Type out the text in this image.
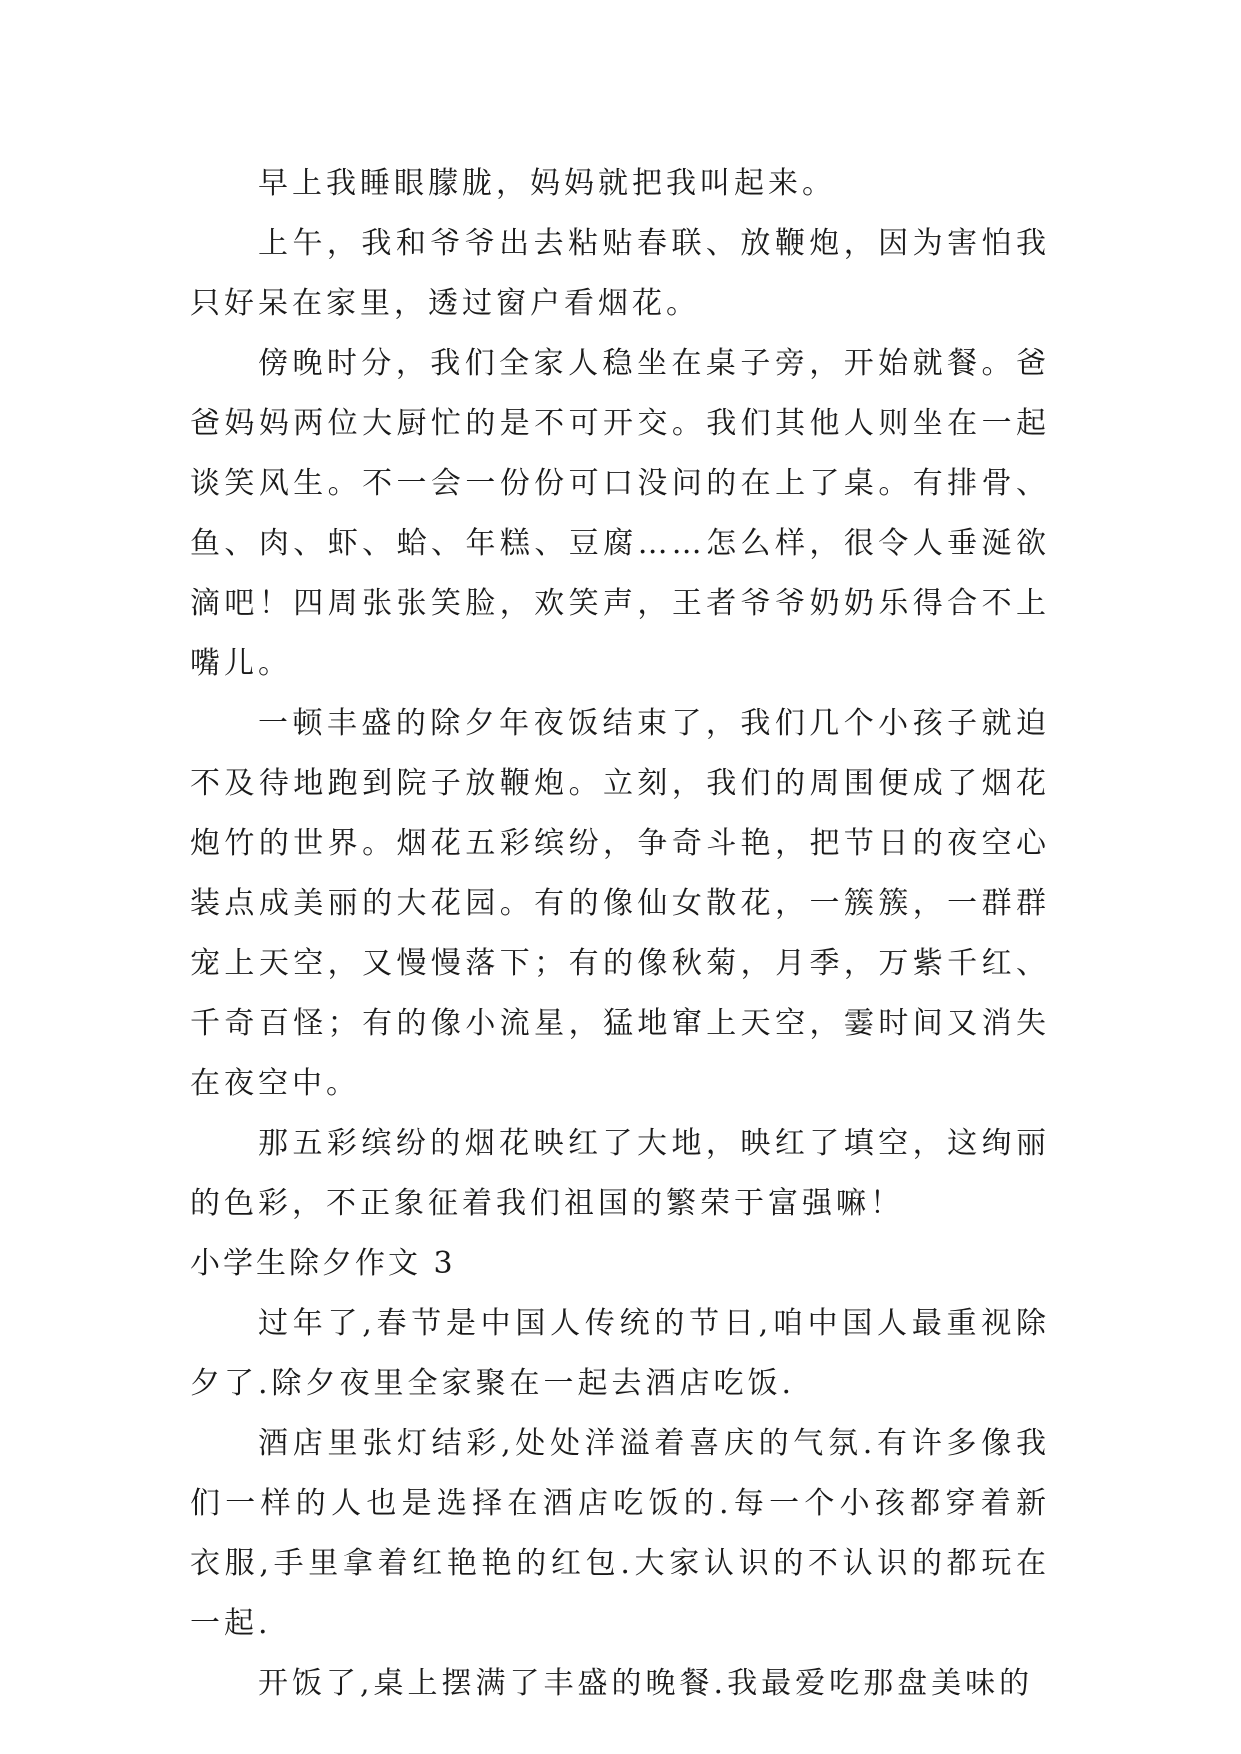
早上我睡眼朦胧，妈妈就把我叫起来。

上午，我和爷爷出去粘贴春联、放鞭炮，因为害怕我只好呆在家里，透过窗户看烟花。

傍晚时分，我们全家人稳坐在桌子旁，开始就餐。爸爸妈妈两位大厨忙的是不可开交。我们其他人则坐在一起谈笑风生。不一会一份份可口没问的在上了桌。有排骨、鱼、肉、虾、蛤、年糕、豆腐……怎么样，很令人垂涎欲滴吧！四周张张笑脸，欢笑声，王者爷爷奶奶乐得合不上嘴儿。

一顿丰盛的除夕年夜饭结束了，我们几个小孩子就迫不及待地跑到院子放鞭炮。立刻，我们的周围便成了烟花炮竹的世界。烟花五彩缤纷，争奇斗艳，把节日的夜空心装点成美丽的大花园。有的像仙女散花，一簇簇，一群群宠上天空，又慢慢落下；有的像秋菊，月季，万紫千红、千奇百怪；有的像小流星，猛地窜上天空，霎时间又消失在夜空中。

那五彩缤纷的烟花映红了大地，映红了填空，这绚丽的色彩，不正象征着我们祖国的繁荣于富强嘛！

小学生除夕作文 3

过年了,春节是中国人传统的节日,咱中国人最重视除夕了.除夕夜里全家聚在一起去酒店吃饭.

酒店里张灯结彩,处处洋溢着喜庆的气氛.有许多像我们一样的人也是选择在酒店吃饭的.每一个小孩都穿着新衣服,手里拿着红艳艳的红包.大家认识的不认识的都玩在一起.

开饭了,桌上摆满了丰盛的晚餐.我最爱吃那盘美味的
